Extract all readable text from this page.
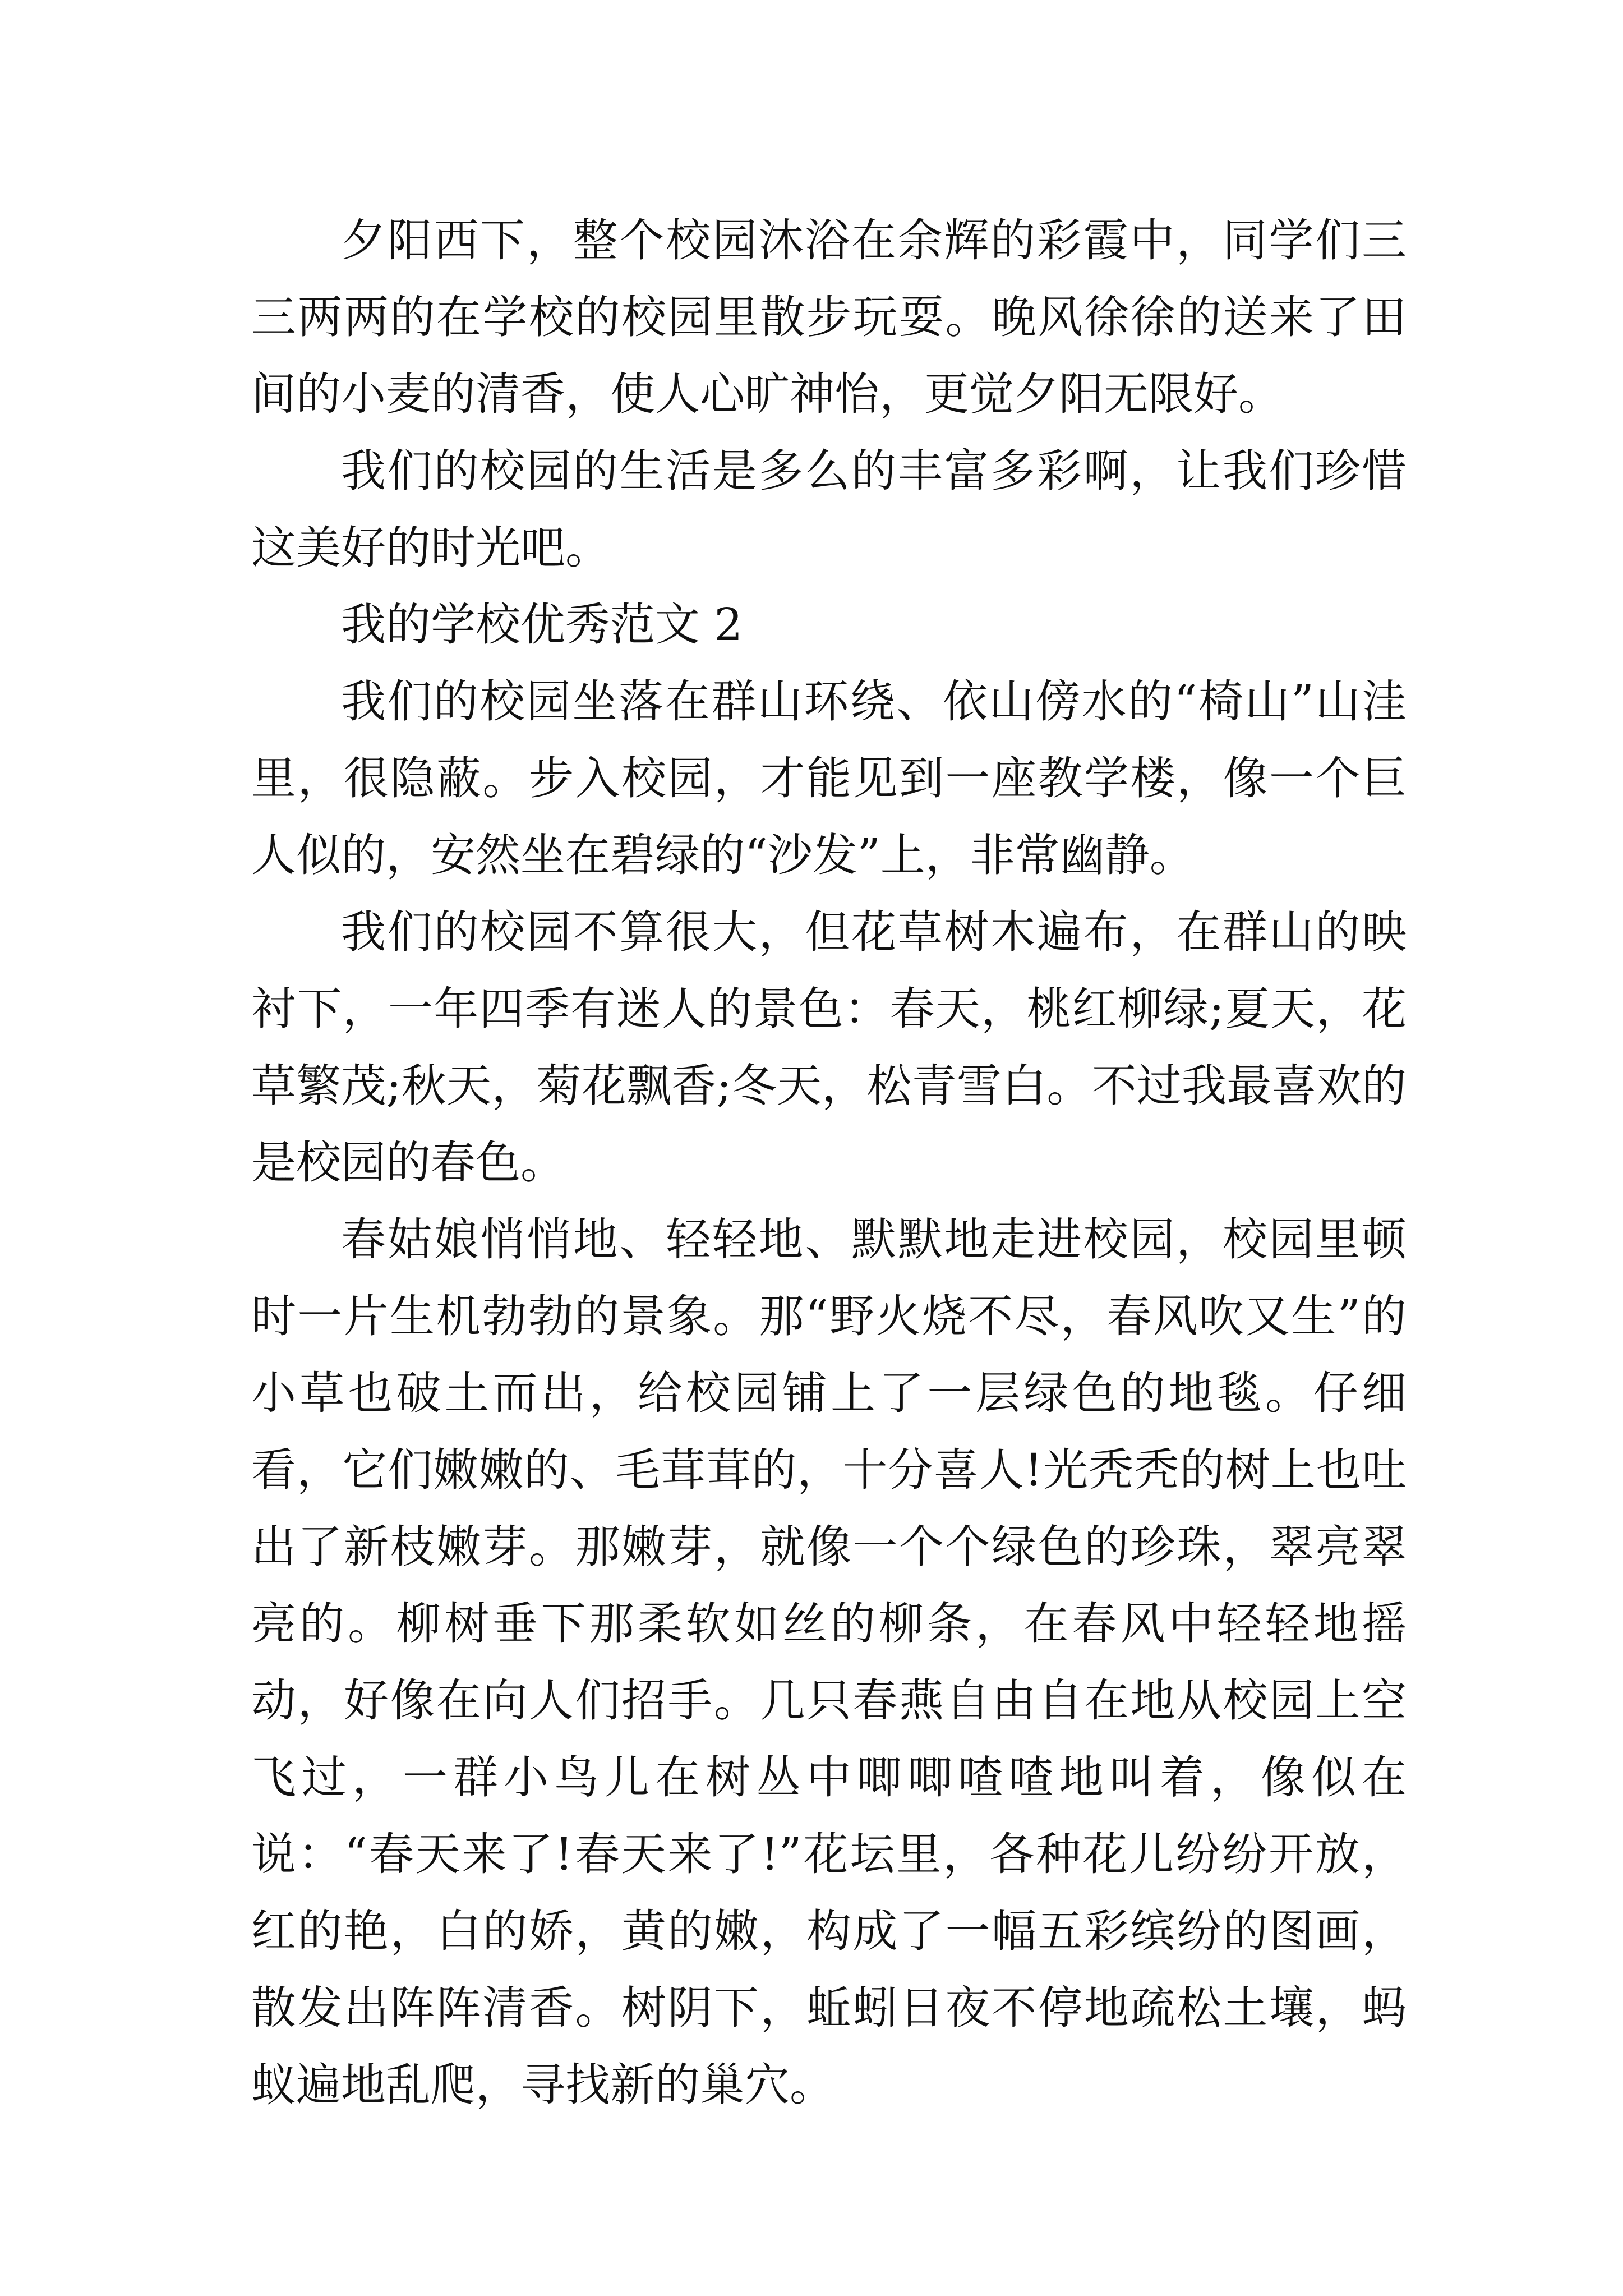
夕阳西下，整个校园沐浴在余辉的彩霞中，同学们三三两两的在学校的校园里散步玩耍。晚风徐徐的送来了田间的小麦的清香，使人心旷神怡，更觉夕阳无限好。

我们的校园的生活是多么的丰富多彩啊，让我们珍惜这美好的时光吧。

我的学校优秀范文 2

我们的校园坐落在群山环绕、依山傍水的“椅山”山洼里，很隐蔽。步入校园，才能见到一座教学楼，像一个巨人似的，安然坐在碧绿的“沙发”上，非常幽静。

我们的校园不算很大，但花草树木遍布，在群山的映衬下，一年四季有迷人的景色：春天，桃红柳绿;夏天，花草繁茂;秋天，菊花飘香;冬天，松青雪白。不过我最喜欢的是校园的春色。

春姑娘悄悄地、轻轻地、默默地走进校园，校园里顿时一片生机勃勃的景象。那“野火烧不尽，春风吹又生”的小草也破土而出，给校园铺上了一层绿色的地毯。仔细看，它们嫩嫩的、毛茸茸的，十分喜人!光秃秃的树上也吐出了新枝嫩芽。那嫩芽，就像一个个绿色的珍珠，翠亮翠亮的。柳树垂下那柔软如丝的柳条，在春风中轻轻地摇动，好像在向人们招手。几只春燕自由自在地从校园上空飞过，一群小鸟儿在树丛中唧唧喳喳地叫着，像似在说：“春天来了!春天来了!”花坛里，各种花儿纷纷开放，红的艳，白的娇，黄的嫩，构成了一幅五彩缤纷的图画，散发出阵阵清香。树阴下，蚯蚓日夜不停地疏松土壤，蚂蚁遍地乱爬，寻找新的巢穴。
